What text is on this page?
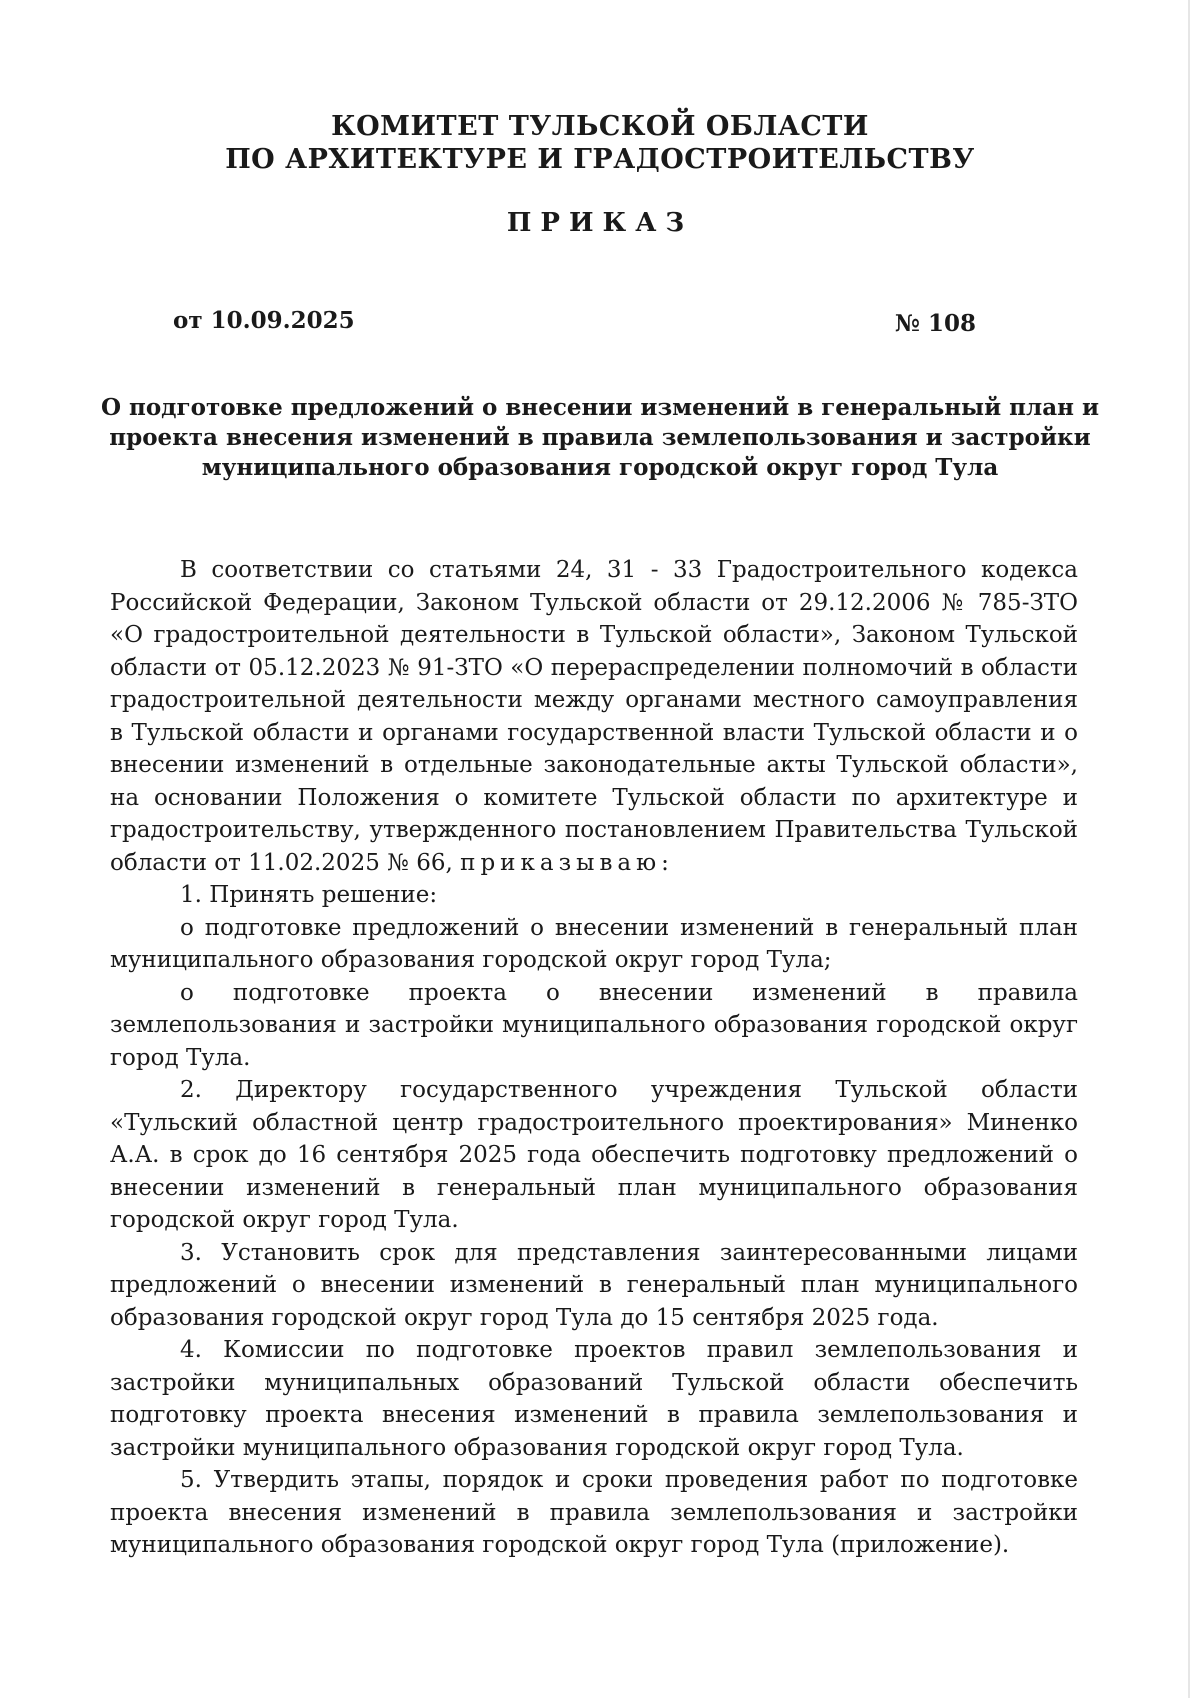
КОМИТЕТ ТУЛЬСКОЙ ОБЛАСТИ
ПО АРХИТЕКТУРЕ И ГРАДОСТРОИТЕЛЬСТВУ
ПРИКАЗ
от 10.09.2025	№ 108
О подготовке предложений о внесении изменений в генеральный план и
проекта внесения изменений в правила землепользования и застройки
муниципального образования городской округ город Тула

В соответствии со статьями 24, 31 - 33 Градостроительного кодекса Российской Федерации, Законом Тульской области от 29.12.2006 № 785-ЗТО «О градостроительной деятельности в Тульской области», Законом Тульской области от 05.12.2023 № 91-ЗТО «О перераспределении полномочий в области градостроительной деятельности между органами местного самоуправления в Тульской области и органами государственной власти Тульской области и о внесении изменений в отдельные законодательные акты Тульской области», на основании Положения о комитете Тульской области по архитектуре и градостроительству, утвержденного постановлением Правительства Тульской области от 11.02.2025 № 66, приказываю:

1. Принять решение:

о подготовке предложений о внесении изменений в генеральный план муниципального образования городской округ город Тула;

о подготовке проекта о внесении изменений в правила землепользования и застройки муниципального образования городской округ город Тула.

2. Директору государственного учреждения Тульской области «Тульский областной центр градостроительного проектирования» Миненко А.А. в срок до 16 сентября 2025 года обеспечить подготовку предложений о внесении изменений в генеральный план муниципального образования городской округ город Тула.

3. Установить срок для представления заинтересованными лицами предложений о внесении изменений в генеральный план муниципального образования городской округ город Тула до 15 сентября 2025 года.

4. Комиссии по подготовке проектов правил землепользования и застройки муниципальных образований Тульской области обеспечить подготовку проекта внесения изменений в правила землепользования и застройки муниципального образования городской округ город Тула.

5. Утвердить этапы, порядок и сроки проведения работ по подготовке проекта внесения изменений в правила землепользования и застройки муниципального образования городской округ город Тула (приложение).
